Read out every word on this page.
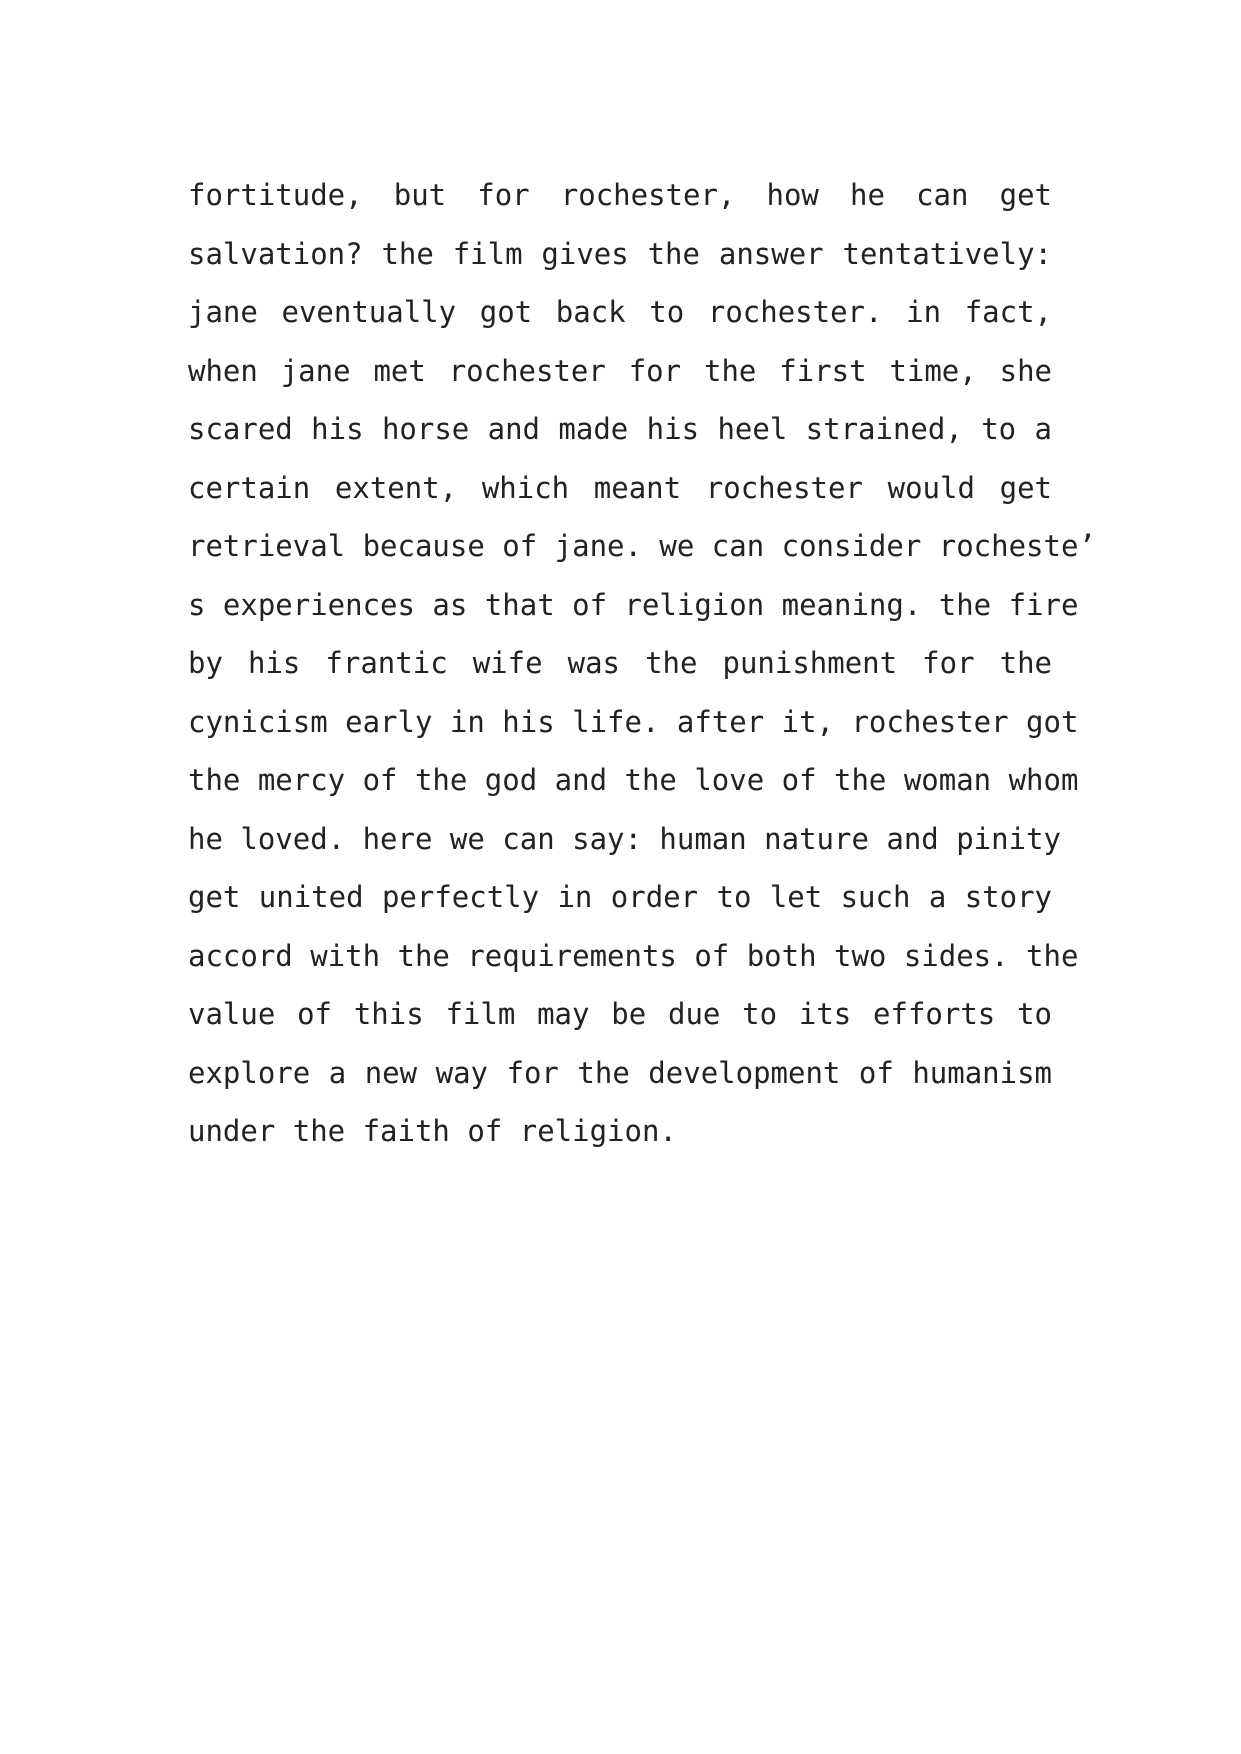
fortitude, but for rochester, how he can get
salvation? the film gives the answer tentatively:
jane eventually got back to rochester. in fact,
when jane met rochester for the first time, she
scared his horse and made his heel strained, to a
certain extent, which meant rochester would get
retrieval because of jane. we can consider rocheste’
s experiences as that of religion meaning. the fire
by his frantic wife was the punishment for the
cynicism early in his life. after it, rochester got
the mercy of the god and the love of the woman whom
he loved. here we can say: human nature and pinity
get united perfectly in order to let such a story
accord with the requirements of both two sides. the
value of this film may be due to its efforts to
explore a new way for the development of humanism
under the faith of religion.
